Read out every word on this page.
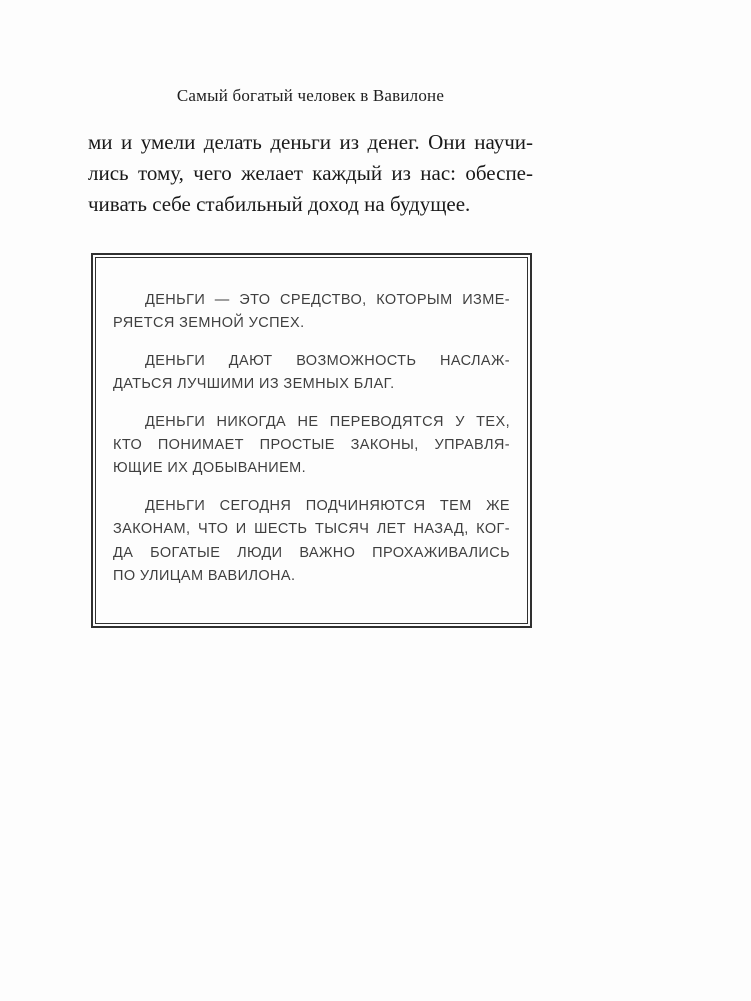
Самый богатый человек в Вавилоне
ми и умели делать деньги из денег. Они научи-
лись тому, чего желает каждый из нас: обеспе-
чивать себе стабильный доход на будущее.
ДЕНЬГИ — ЭТО СРЕДСТВО, КОТОРЫМ ИЗМЕ-
РЯЕТСЯ ЗЕМНОЙ УСПЕХ.
ДЕНЬГИ ДАЮТ ВОЗМОЖНОСТЬ НАСЛАЖ-
ДАТЬСЯ ЛУЧШИМИ ИЗ ЗЕМНЫХ БЛАГ.
ДЕНЬГИ НИКОГДА НЕ ПЕРЕВОДЯТСЯ У ТЕХ,
КТО ПОНИМАЕТ ПРОСТЫЕ ЗАКОНЫ, УПРАВЛЯ-
ЮЩИЕ ИХ ДОБЫВАНИЕМ.
ДЕНЬГИ СЕГОДНЯ ПОДЧИНЯЮТСЯ ТЕМ ЖЕ
ЗАКОНАМ, ЧТО И ШЕСТЬ ТЫСЯЧ ЛЕТ НАЗАД, КОГ-
ДА БОГАТЫЕ ЛЮДИ ВАЖНО ПРОХАЖИВАЛИСЬ
ПО УЛИЦАМ ВАВИЛОНА.
